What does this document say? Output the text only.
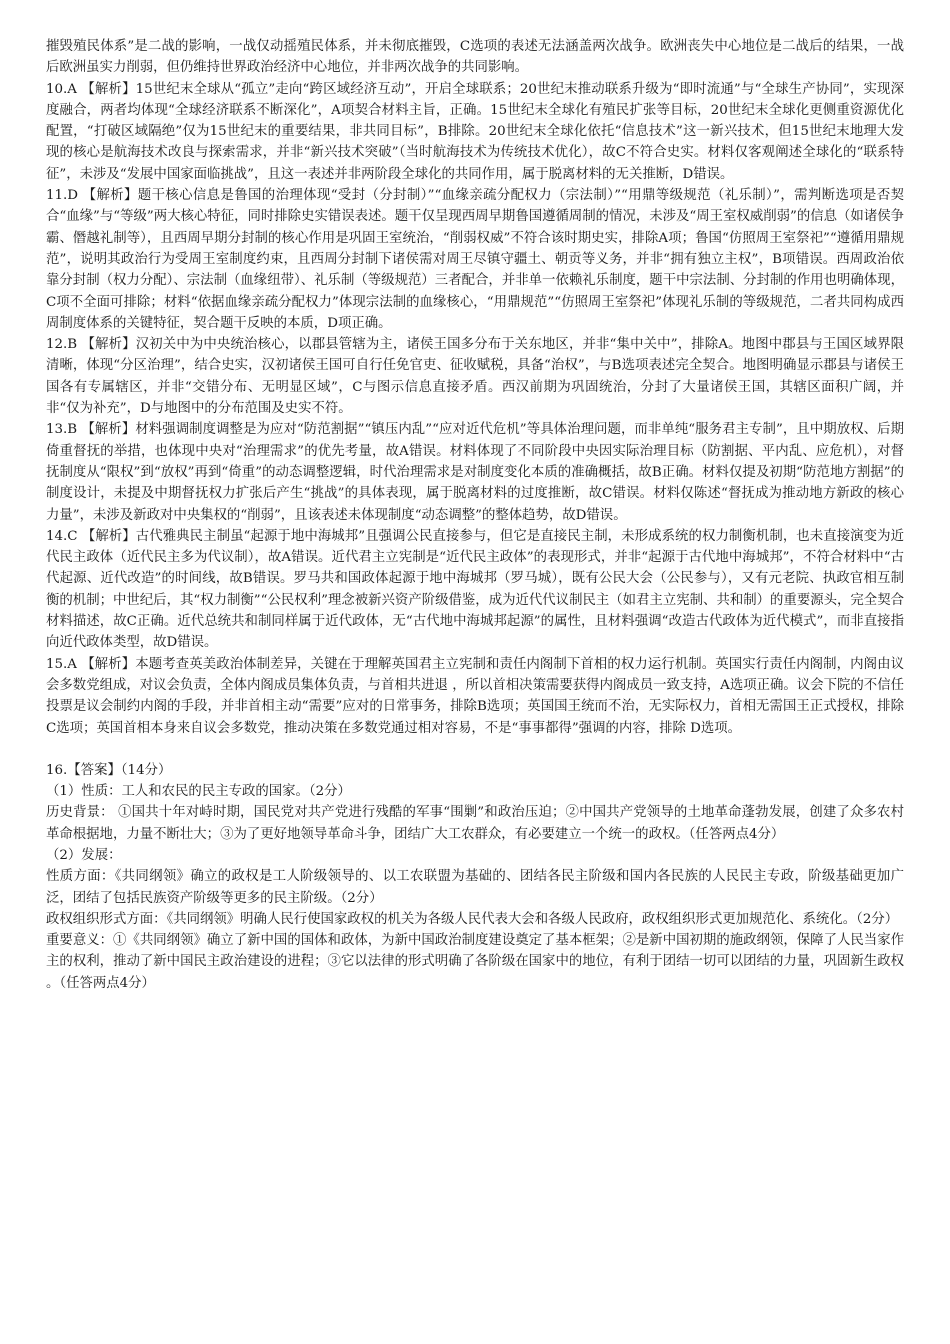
摧毁殖民体系”是二战的影响，一战仅动摇殖民体系，并未彻底摧毁，C选项的表述无法涵盖两次战争。欧洲丧失中心地位是二战后的结果，一战后欧洲虽实力削弱，但仍维持世界政治经济中心地位，并非两次战争的共同影响。

10.A 【解析】15世纪末全球从“孤立”走向“跨区域经济互动”，开启全球联系；20世纪末推动联系升级为“即时流通”与“全球生产协同”，实现深度融合，两者均体现“全球经济联系不断深化”，A项契合材料主旨，正确。15世纪末全球化有殖民扩张等目标，20世纪末全球化更侧重资源优化配置，“打破区域隔绝”仅为15世纪末的重要结果，非共同目标”，B排除。20世纪末全球化依托“信息技术”这一新兴技术，但15世纪末地理大发现的核心是航海技术改良与探索需求，并非“新兴技术突破”（当时航海技术为传统技术优化），故C不符合史实。材料仅客观阐述全球化的“联系特征”，未涉及“发展中国家面临挑战”，且这一表述并非两阶段全球化的共同作用，属于脱离材料的无关推断，D错误。

11.D 【解析】题干核心信息是鲁国的治理体现“受封（分封制）”“血缘亲疏分配权力（宗法制）”“用鼎等级规范（礼乐制）”，需判断选项是否契合“血缘”与“等级”两大核心特征，同时排除史实错误表述。题干仅呈现西周早期鲁国遵循周制的情况，未涉及“周王室权威削弱”的信息（如诸侯争霸、僭越礼制等），且西周早期分封制的核心作用是巩固王室统治，“削弱权威”不符合该时期史实，排除A项；鲁国“仿照周王室祭祀”“遵循用鼎规范”，说明其政治行为受周王室制度约束，且西周分封制下诸侯需对周王尽镇守疆土、朝贡等义务，并非“拥有独立主权”，B项错误。西周政治依靠分封制（权力分配）、宗法制（血缘纽带）、礼乐制（等级规范）三者配合，并非单一依赖礼乐制度，题干中宗法制、分封制的作用也明确体现，C项不全面可排除；材料“依据血缘亲疏分配权力”体现宗法制的血缘核心，“用鼎规范”“仿照周王室祭祀”体现礼乐制的等级规范，二者共同构成西周制度体系的关键特征，契合题干反映的本质，D项正确。

12.B 【解析】汉初关中为中央统治核心，以郡县管辖为主，诸侯王国多分布于关东地区，并非“集中关中”，排除A。地图中郡县与王国区域界限清晰，体现“分区治理”，结合史实，汉初诸侯王国可自行任免官吏、征收赋税，具备“治权”，与B选项表述完全契合。地图明确显示郡县与诸侯王国各有专属辖区，并非“交错分布、无明显区域”，C与图示信息直接矛盾。西汉前期为巩固统治，分封了大量诸侯王国，其辖区面积广阔，并非“仅为补充”，D与地图中的分布范围及史实不符。

13.B 【解析】材料强调制度调整是为应对“防范割据”“镇压内乱”“应对近代危机”等具体治理问题，而非单纯“服务君主专制”，且中期放权、后期倚重督抚的举措，也体现中央对“治理需求”的优先考量，故A错误。材料体现了不同阶段中央因实际治理目标（防割据、平内乱、应危机），对督抚制度从“限权”到“放权”再到“倚重”的动态调整逻辑，时代治理需求是对制度变化本质的准确概括，故B正确。材料仅提及初期“防范地方割据”的制度设计，未提及中期督抚权力扩张后产生“挑战”的具体表现，属于脱离材料的过度推断，故C错误。材料仅陈述“督抚成为推动地方新政的核心力量”，未涉及新政对中央集权的“削弱”，且该表述未体现制度“动态调整”的整体趋势，故D错误。

14.C 【解析】古代雅典民主制虽“起源于地中海城邦”且强调公民直接参与，但它是直接民主制，未形成系统的权力制衡机制，也未直接演变为近代民主政体（近代民主多为代议制），故A错误。近代君主立宪制是“近代民主政体”的表现形式，并非“起源于古代地中海城邦”，不符合材料中“古代起源、近代改造”的时间线，故B错误。罗马共和国政体起源于地中海城邦（罗马城），既有公民大会（公民参与），又有元老院、执政官相互制衡的机制；中世纪后，其“权力制衡”“公民权利”理念被新兴资产阶级借鉴，成为近代代议制民主（如君主立宪制、共和制）的重要源头，完全契合材料描述，故C正确。近代总统共和制同样属于近代政体，无“古代地中海城邦起源”的属性，且材料强调“改造古代政体为近代模式”，而非直接指向近代政体类型，故D错误。

15.A 【解析】本题考查英美政治体制差异，关键在于理解英国君主立宪制和责任内阁制下首相的权力运行机制。英国实行责任内阁制，内阁由议会多数党组成，对议会负责，全体内阁成员集体负责，与首相共进退 ，所以首相决策需要获得内阁成员一致支持，A选项正确。议会下院的不信任投票是议会制约内阁的手段，并非首相主动“需要”应对的日常事务，排除B选项；英国国王统而不治，无实际权力，首相无需国王正式授权，排除C选项；英国首相本身来自议会多数党，推动决策在多数党通过相对容易，不是“事事都得”强调的内容，排除 D选项。

16.【答案】（14分）

（1）性质：工人和农民的民主专政的国家。（2分）

历史背景： ①国共十年对峙时期，国民党对共产党进行残酷的军事“围剿”和政治压迫；②中国共产党领导的土地革命蓬勃发展，创建了众多农村革命根据地，力量不断壮大；③为了更好地领导革命斗争，团结广大工农群众，有必要建立一个统一的政权。（任答两点4分）

（2）发展：

性质方面：《共同纲领》确立的政权是工人阶级领导的、以工农联盟为基础的、团结各民主阶级和国内各民族的人民民主专政，阶级基础更加广泛，团结了包括民族资产阶级等更多的民主阶级。（2分）

政权组织形式方面：《共同纲领》明确人民行使国家政权的机关为各级人民代表大会和各级人民政府，政权组织形式更加规范化、系统化。（2分）

重要意义：①《共同纲领》确立了新中国的国体和政体，为新中国政治制度建设奠定了基本框架；②是新中国初期的施政纲领，保障了人民当家作主的权利，推动了新中国民主政治建设的进程；③它以法律的形式明确了各阶级在国家中的地位，有利于团结一切可以团结的力量，巩固新生政权 。（任答两点4分）
